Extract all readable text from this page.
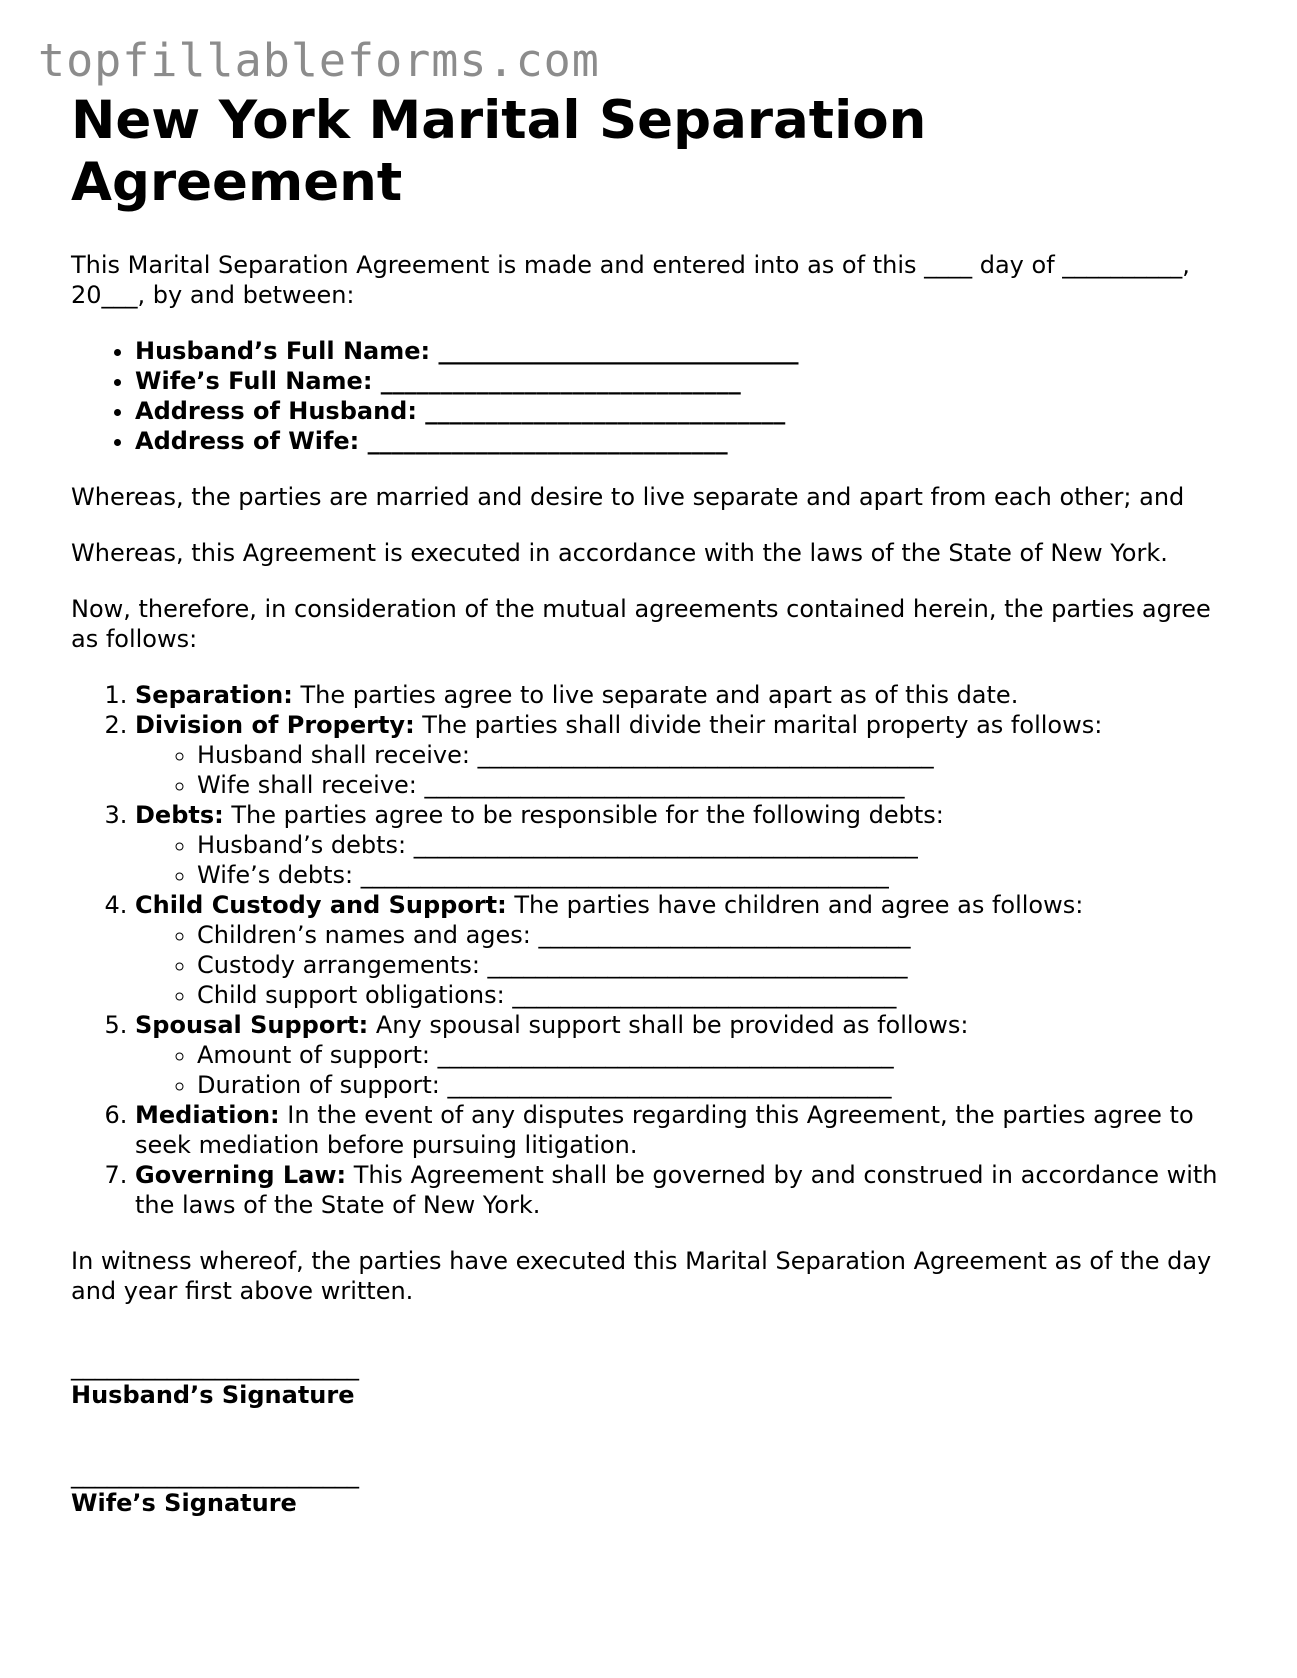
topfillableforms.com
New York Marital Separation Agreement

This Marital Separation Agreement is made and entered into as of this ____ day of __________, 20___, by and between:

• Husband’s Full Name: ______________________________
• Wife’s Full Name: ______________________________
• Address of Husband: ______________________________
• Address of Wife: ______________________________

Whereas, the parties are married and desire to live separate and apart from each other; and

Whereas, this Agreement is executed in accordance with the laws of the State of New York.

Now, therefore, in consideration of the mutual agreements contained herein, the parties agree as follows:

1. Separation: The parties agree to live separate and apart as of this date.
2. Division of Property: The parties shall divide their marital property as follows:
◦ Husband shall receive: ______________________________________
◦ Wife shall receive: ________________________________________
3. Debts: The parties agree to be responsible for the following debts:
◦ Husband’s debts: __________________________________________
◦ Wife’s debts: ____________________________________________
4. Child Custody and Support: The parties have children and agree as follows:
◦ Children’s names and ages: _______________________________
◦ Custody arrangements: ___________________________________
◦ Child support obligations: ________________________________
5. Spousal Support: Any spousal support shall be provided as follows:
◦ Amount of support: ______________________________________
◦ Duration of support: _____________________________________
6. Mediation: In the event of any disputes regarding this Agreement, the parties agree to seek mediation before pursuing litigation.
7. Governing Law: This Agreement shall be governed by and construed in accordance with the laws of the State of New York.

In witness whereof, the parties have executed this Marital Separation Agreement as of the day and year first above written.

________________________
Husband’s Signature
________________________
Wife’s Signature
